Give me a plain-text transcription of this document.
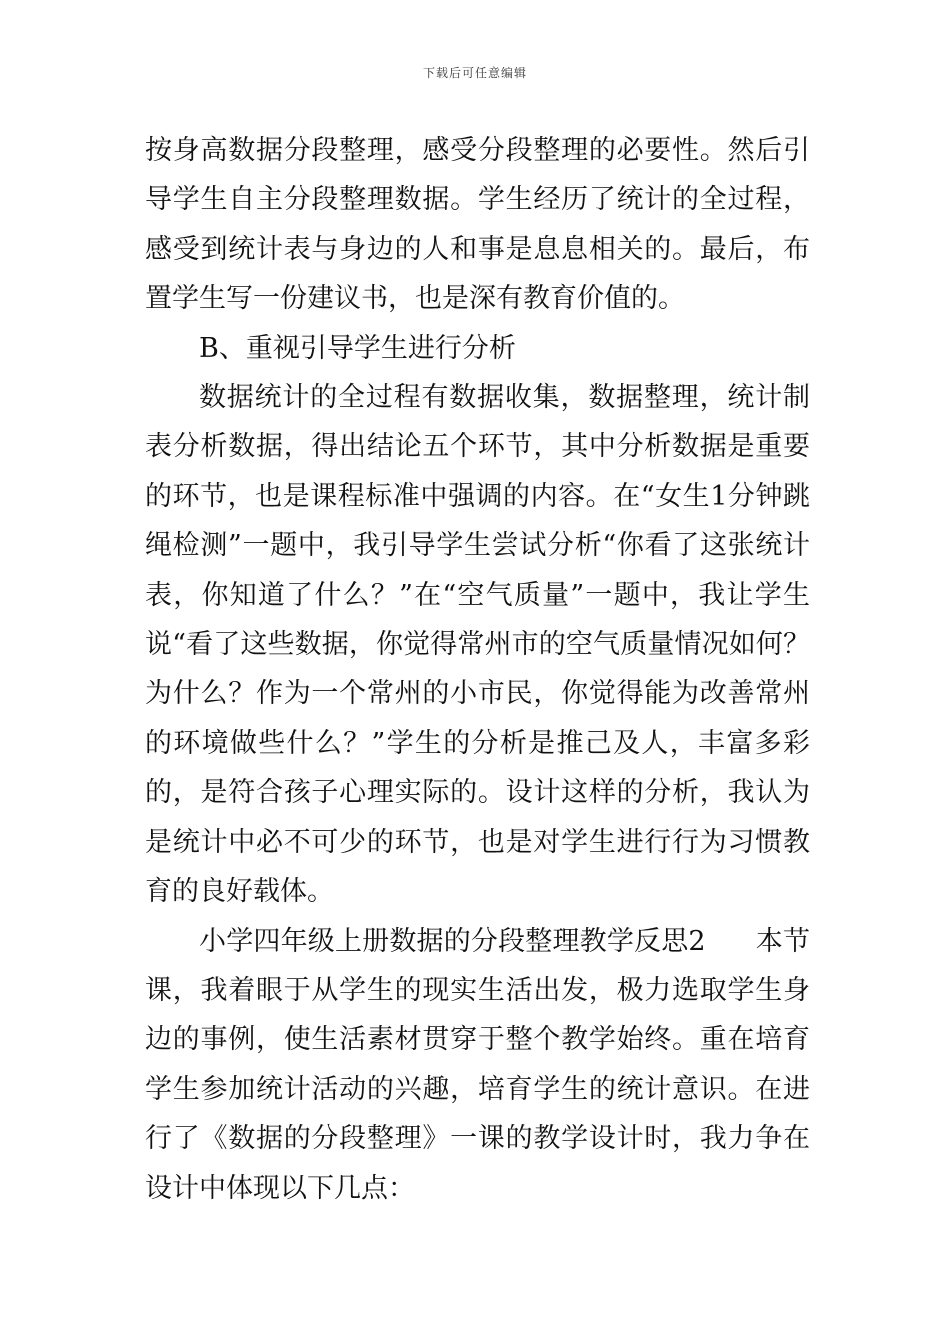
下载后可任意编辑

按身高数据分段整理，感受分段整理的必要性。然后引导学生自主分段整理数据。学生经历了统计的全过程，感受到统计表与身边的人和事是息息相关的。最后，布置学生写一份建议书，也是深有教育价值的。

B、重视引导学生进行分析

数据统计的全过程有数据收集，数据整理，统计制表分析数据，得出结论五个环节，其中分析数据是重要的环节，也是课程标准中强调的内容。在“女生1分钟跳绳检测”一题中，我引导学生尝试分析“你看了这张统计表，你知道了什么？”在“空气质量”一题中，我让学生说“看了这些数据，你觉得常州市的空气质量情况如何？为什么？作为一个常州的小市民，你觉得能为改善常州的环境做些什么？”学生的分析是推己及人，丰富多彩的，是符合孩子心理实际的。设计这样的分析，我认为是统计中必不可少的环节，也是对学生进行行为习惯教育的良好载体。

小学四年级上册数据的分段整理教学反思2 本节课，我着眼于从学生的现实生活出发，极力选取学生身边的事例，使生活素材贯穿于整个教学始终。重在培育学生参加统计活动的兴趣，培育学生的统计意识。在进行了《数据的分段整理》一课的教学设计时，我力争在设计中体现以下几点：
